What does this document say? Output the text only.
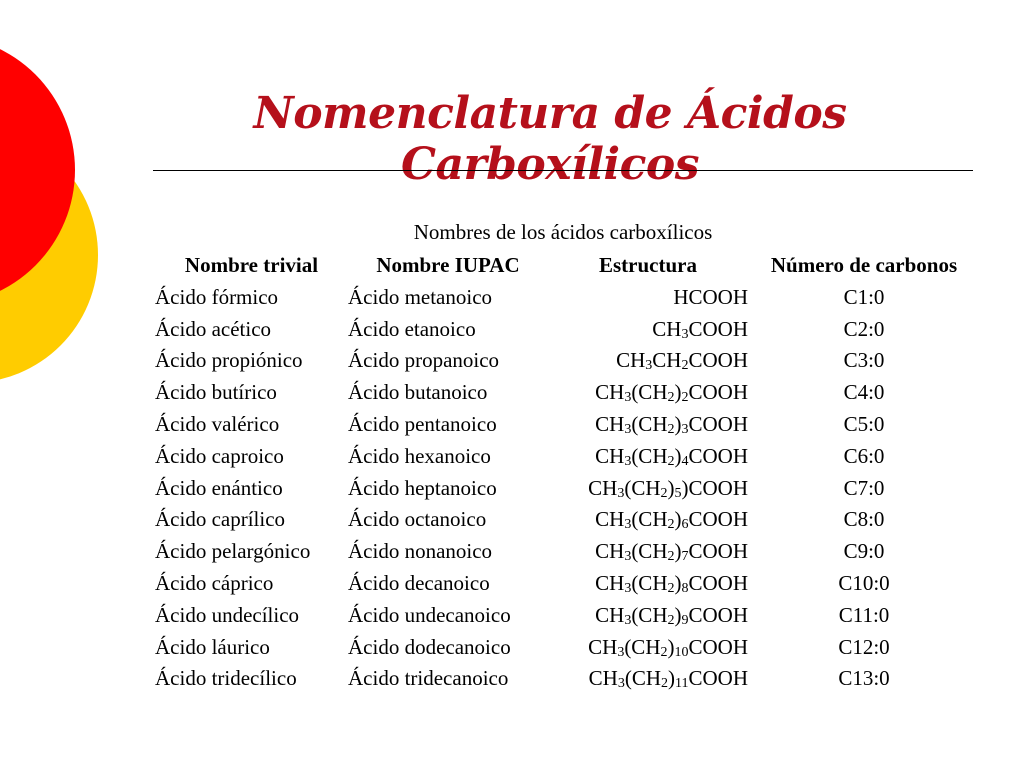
Nomenclatura de Ácidos Carboxílicos
Nombres de los ácidos carboxílicos
Nombre trivial	Nombre IUPAC	Estructura	Número de carbonos
Ácido fórmico	Ácido metanoico	HCOOH	C1:0
Ácido acético	Ácido etanoico	$CH_3COOH$	C2:0
Ácido propiónico	Ácido propanoico	$CH_3CH_2COOH$	C3:0
Ácido butírico	Ácido butanoico	$CH_3(CH_2)_2COOH$	C4:0
Ácido valérico	Ácido pentanoico	$CH_3(CH_2)_3COOH$	C5:0
Ácido caproico	Ácido hexanoico	$CH_3(CH_2)_4COOH$	C6:0
Ácido enántico	Ácido heptanoico	$CH_3(CH_2)_5)COOH$	C7:0
Ácido caprílico	Ácido octanoico	$CH_3(CH_2)_6COOH$	C8:0
Ácido pelargónico	Ácido nonanoico	$CH_3(CH_2)_7COOH$	C9:0
Ácido cáprico	Ácido decanoico	$CH_3(CH_2)_8COOH$	C10:0
Ácido undecílico	Ácido undecanoico	$CH_3(CH_2)_9COOH$	C11:0
Ácido láurico	Ácido dodecanoico	$CH_3(CH_2)_{10}COOH$	C12:0
Ácido tridecílico	Ácido tridecanoico	$CH_3(CH_2)_{11}COOH$	C13:0
